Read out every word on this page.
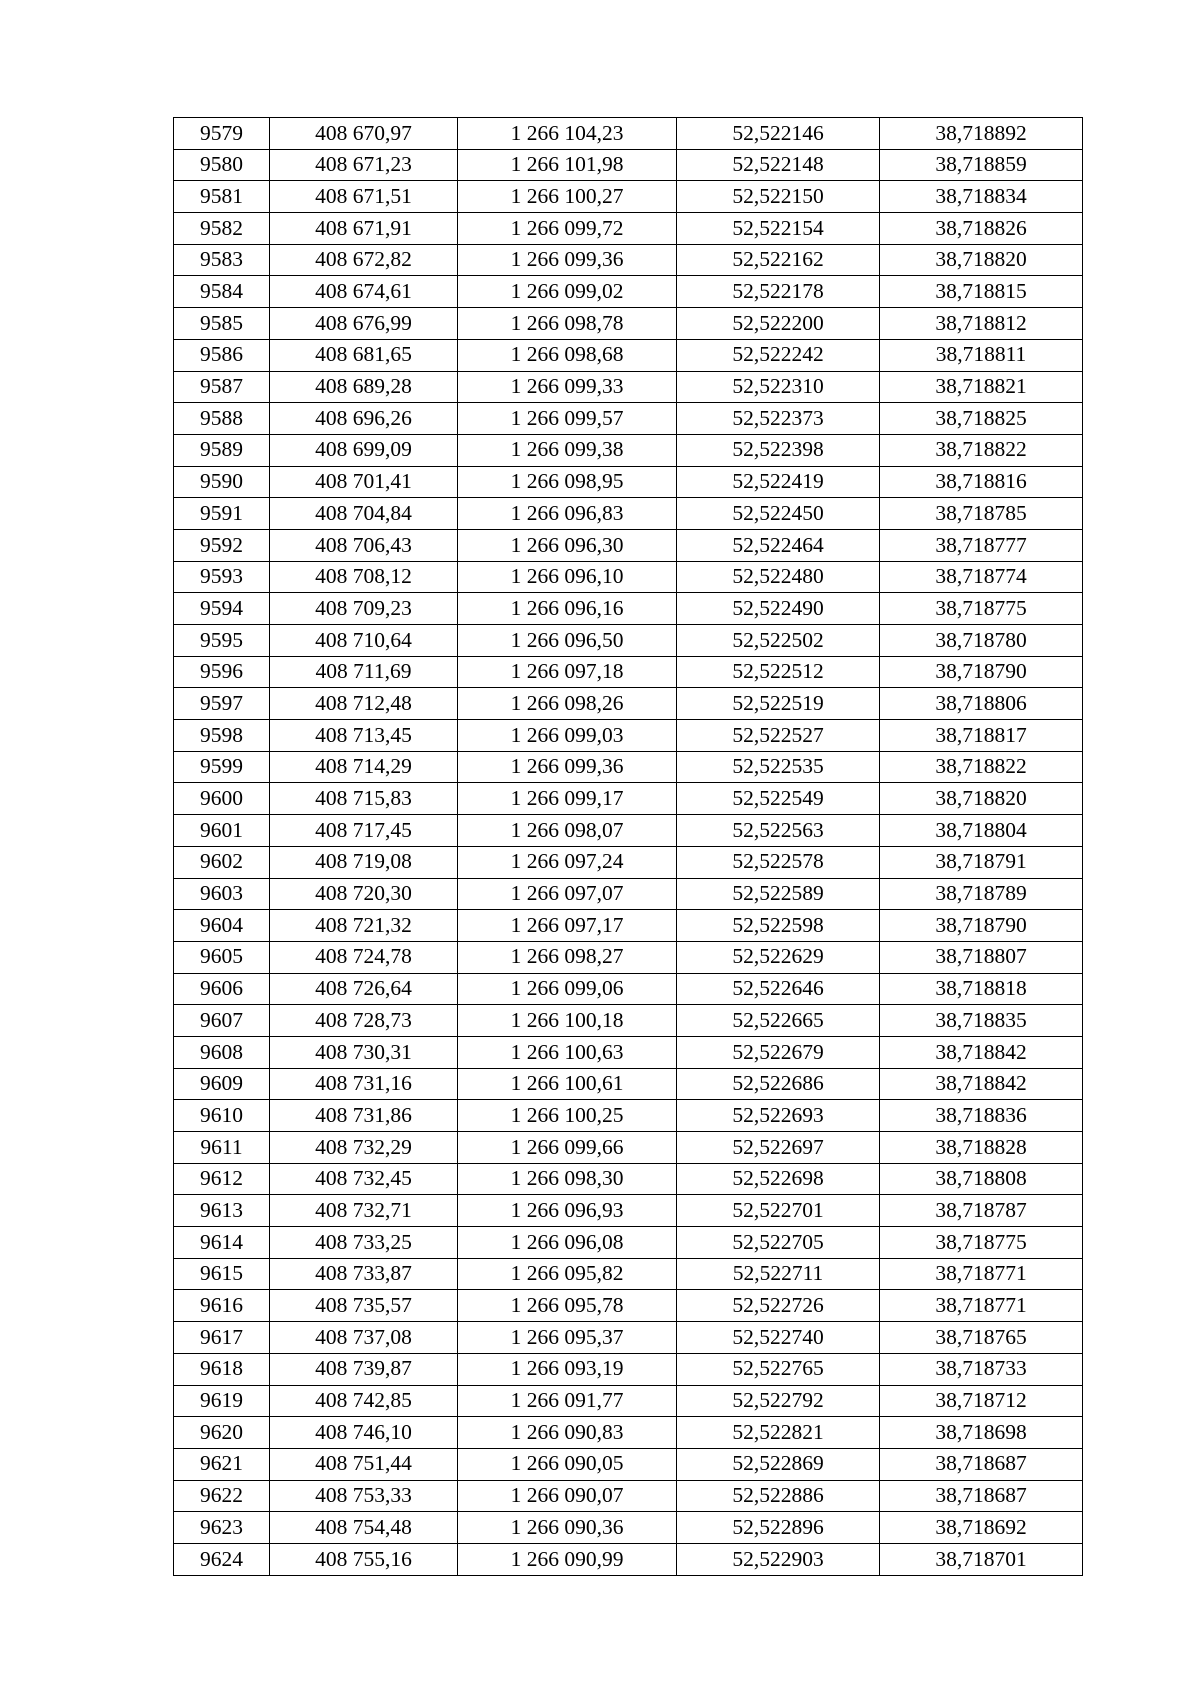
9579	408 670,97	1 266 104,23	52,522146	38,718892
9580	408 671,23	1 266 101,98	52,522148	38,718859
9581	408 671,51	1 266 100,27	52,522150	38,718834
9582	408 671,91	1 266 099,72	52,522154	38,718826
9583	408 672,82	1 266 099,36	52,522162	38,718820
9584	408 674,61	1 266 099,02	52,522178	38,718815
9585	408 676,99	1 266 098,78	52,522200	38,718812
9586	408 681,65	1 266 098,68	52,522242	38,718811
9587	408 689,28	1 266 099,33	52,522310	38,718821
9588	408 696,26	1 266 099,57	52,522373	38,718825
9589	408 699,09	1 266 099,38	52,522398	38,718822
9590	408 701,41	1 266 098,95	52,522419	38,718816
9591	408 704,84	1 266 096,83	52,522450	38,718785
9592	408 706,43	1 266 096,30	52,522464	38,718777
9593	408 708,12	1 266 096,10	52,522480	38,718774
9594	408 709,23	1 266 096,16	52,522490	38,718775
9595	408 710,64	1 266 096,50	52,522502	38,718780
9596	408 711,69	1 266 097,18	52,522512	38,718790
9597	408 712,48	1 266 098,26	52,522519	38,718806
9598	408 713,45	1 266 099,03	52,522527	38,718817
9599	408 714,29	1 266 099,36	52,522535	38,718822
9600	408 715,83	1 266 099,17	52,522549	38,718820
9601	408 717,45	1 266 098,07	52,522563	38,718804
9602	408 719,08	1 266 097,24	52,522578	38,718791
9603	408 720,30	1 266 097,07	52,522589	38,718789
9604	408 721,32	1 266 097,17	52,522598	38,718790
9605	408 724,78	1 266 098,27	52,522629	38,718807
9606	408 726,64	1 266 099,06	52,522646	38,718818
9607	408 728,73	1 266 100,18	52,522665	38,718835
9608	408 730,31	1 266 100,63	52,522679	38,718842
9609	408 731,16	1 266 100,61	52,522686	38,718842
9610	408 731,86	1 266 100,25	52,522693	38,718836
9611	408 732,29	1 266 099,66	52,522697	38,718828
9612	408 732,45	1 266 098,30	52,522698	38,718808
9613	408 732,71	1 266 096,93	52,522701	38,718787
9614	408 733,25	1 266 096,08	52,522705	38,718775
9615	408 733,87	1 266 095,82	52,522711	38,718771
9616	408 735,57	1 266 095,78	52,522726	38,718771
9617	408 737,08	1 266 095,37	52,522740	38,718765
9618	408 739,87	1 266 093,19	52,522765	38,718733
9619	408 742,85	1 266 091,77	52,522792	38,718712
9620	408 746,10	1 266 090,83	52,522821	38,718698
9621	408 751,44	1 266 090,05	52,522869	38,718687
9622	408 753,33	1 266 090,07	52,522886	38,718687
9623	408 754,48	1 266 090,36	52,522896	38,718692
9624	408 755,16	1 266 090,99	52,522903	38,718701
